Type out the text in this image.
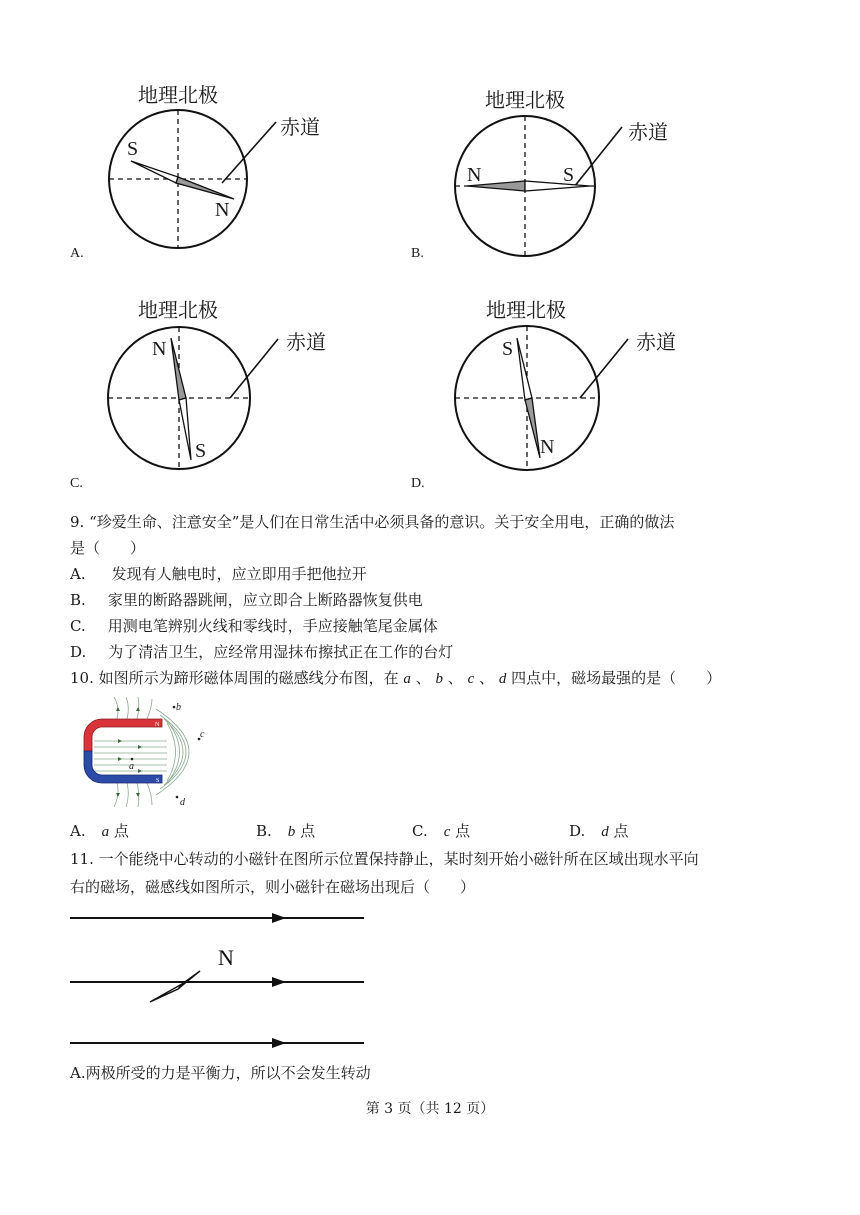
地理北极
赤道
S
N
A.
地理北极
赤道
N	S
B.
地理北极
赤道
N
S
C.
地理北极
赤道
S
N
D.
9. “珍爱生命、注意安全”是人们在日常生活中必须具备的意识。关于安全用电，正确的做法
是（　　）
A. 发现有人触电时，应立即用手把他拉开
B. 家里的断路器跳闸，应立即合上断路器恢复供电
C. 用测电笔辨别火线和零线时，手应接触笔尾金属体
D. 为了清洁卫生，应经常用湿抹布擦拭正在工作的台灯
10. 如图所示为蹄形磁体周围的磁感线分布图，在 a 、 b 、 c 、 d 四点中，磁场最强的是（　　）
N
S
a
b
c
d
A. a 点	B. b 点	C. c 点	D. d 点
11. 一个能绕中心转动的小磁针在图所示位置保持静止，某时刻开始小磁针所在区域出现水平向
右的磁场，磁感线如图所示，则小磁针在磁场出现后（　　）
N
A.两极所受的力是平衡力，所以不会发生转动
第 3 页（共 12 页）
